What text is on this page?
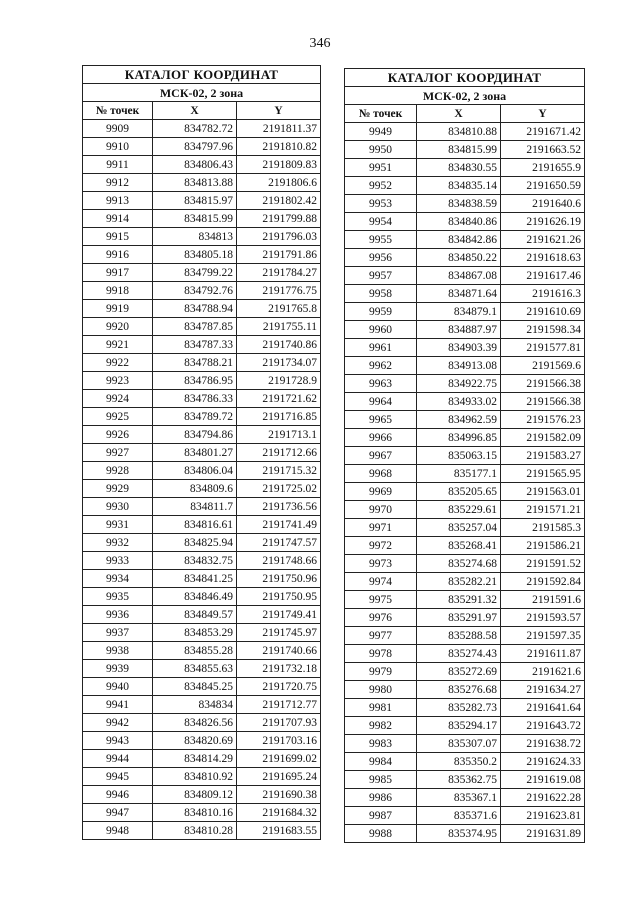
346
КАТАЛОГ КООРДИНАТ		
МСК-02, 2 зона		
№ точек	X	Y
9909	834782.72	2191811.37
9910	834797.96	2191810.82
9911	834806.43	2191809.83
9912	834813.88	2191806.6
9913	834815.97	2191802.42
9914	834815.99	2191799.88
9915	834813	2191796.03
9916	834805.18	2191791.86
9917	834799.22	2191784.27
9918	834792.76	2191776.75
9919	834788.94	2191765.8
9920	834787.85	2191755.11
9921	834787.33	2191740.86
9922	834788.21	2191734.07
9923	834786.95	2191728.9
9924	834786.33	2191721.62
9925	834789.72	2191716.85
9926	834794.86	2191713.1
9927	834801.27	2191712.66
9928	834806.04	2191715.32
9929	834809.6	2191725.02
9930	834811.7	2191736.56
9931	834816.61	2191741.49
9932	834825.94	2191747.57
9933	834832.75	2191748.66
9934	834841.25	2191750.96
9935	834846.49	2191750.95
9936	834849.57	2191749.41
9937	834853.29	2191745.97
9938	834855.28	2191740.66
9939	834855.63	2191732.18
9940	834845.25	2191720.75
9941	834834	2191712.77
9942	834826.56	2191707.93
9943	834820.69	2191703.16
9944	834814.29	2191699.02
9945	834810.92	2191695.24
9946	834809.12	2191690.38
9947	834810.16	2191684.32
9948	834810.28	2191683.55
КАТАЛОГ КООРДИНАТ		
МСК-02, 2 зона		
№ точек	X	Y
9949	834810.88	2191671.42
9950	834815.99	2191663.52
9951	834830.55	2191655.9
9952	834835.14	2191650.59
9953	834838.59	2191640.6
9954	834840.86	2191626.19
9955	834842.86	2191621.26
9956	834850.22	2191618.63
9957	834867.08	2191617.46
9958	834871.64	2191616.3
9959	834879.1	2191610.69
9960	834887.97	2191598.34
9961	834903.39	2191577.81
9962	834913.08	2191569.6
9963	834922.75	2191566.38
9964	834933.02	2191566.38
9965	834962.59	2191576.23
9966	834996.85	2191582.09
9967	835063.15	2191583.27
9968	835177.1	2191565.95
9969	835205.65	2191563.01
9970	835229.61	2191571.21
9971	835257.04	2191585.3
9972	835268.41	2191586.21
9973	835274.68	2191591.52
9974	835282.21	2191592.84
9975	835291.32	2191591.6
9976	835291.97	2191593.57
9977	835288.58	2191597.35
9978	835274.43	2191611.87
9979	835272.69	2191621.6
9980	835276.68	2191634.27
9981	835282.73	2191641.64
9982	835294.17	2191643.72
9983	835307.07	2191638.72
9984	835350.2	2191624.33
9985	835362.75	2191619.08
9986	835367.1	2191622.28
9987	835371.6	2191623.81
9988	835374.95	2191631.89
